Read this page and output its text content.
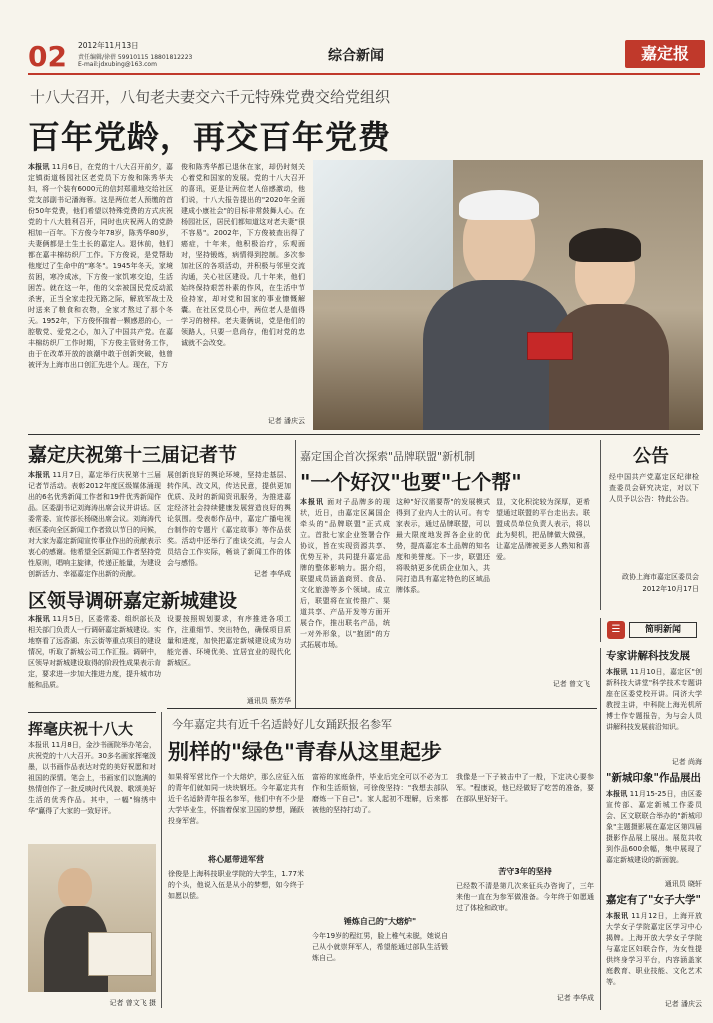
02 2012年11月13日
责任编辑/徐蓓 59910115 18801812223
E-mail:jdxubing@163.com
综合新闻	嘉定报
十八大召开，八旬老夫妻交六千元特殊党费交给党组织
百年党龄，再交百年党费
本报讯 11月6日，在党的十八大召开前夕，嘉定镇街道杨园社区老党员下方俊和陈秀华夫妇，将一个装有6000元的信封郑重地交给社区党支部副书记潘海蓉。这是两位老人预缴的首份50年党费，他们希望以特殊党费的方式庆祝党的十八大胜利召开，同时也庆祝两人的党龄相加一百年。下方俊今年78岁，陈秀华80岁，夫妻俩都是土生土长的嘉定人。退休前，他们都在嘉丰棉纺织厂工作。下方俊说，是党帮助他度过了生命中的"寒冬"。1945年冬天，家境贫困，寒冷成冰，下方俊一家饥寒交迫，生活困苦。就在这一年，他的父亲被国民党反动派杀害，正当全家走投无路之际，解放军战士及时送来了粮食和衣物，全家才熬过了那个冬天。1952年，下方俊怀揣着一颗感恩的心，一腔敬党、爱党之心，加入了中国共产党。在嘉丰棉纺织厂工作时期，下方俊主管财务工作，由于在改革开放的浪潮中敢于创新突破，他曾被评为上海市出口创汇先进个人。现在，下方
俊和陈秀华都已退休在家，却仍时刻关心着党和国家的发展。党的十八大召开的喜讯，更是让两位老人倍感激动，他们说，十八大报告提出的"2020年全面建成小康社会"的目标非常鼓舞人心。在杨园社区，居民们都知道这对老夫妻"很不容易"。2002年，下方俊被查出得了癌症，十年来，他积极治疗，乐观面对，坚持锻炼，病情得到控制。多次参加社区的各项活动，并积极与邻里交流沟通，关心社区建设。几十年来，他们始终保持艰苦朴素的作风，在生活中节俭持家，却对党和国家的事业慷慨解囊。在社区党员心中，两位老人是值得学习的榜样。老夫妻俩说，党是他们的领路人，只要一息尚存，他们对党的忠诚就不会改变。
记者 潘庆云
嘉定庆祝第十三届记者节
本报讯 11月7日，嘉定举行庆祝第十三届记者节活动。表彰2012年度区级媒体涌现出的6名优秀新闻工作者和19件优秀新闻作品。区委副书记刘海涛出席会议并讲话。区委常委、宣传部长杨晓出席会议。刘海涛代表区委向全区新闻工作者致以节日的问候，对大家为嘉定新闻宣传事业作出的贡献表示衷心的感谢。他希望全区新闻工作者坚持党性原则，唱响主旋律，传递正能量，为建设创新活力、幸福嘉定作出新的贡献。
展创新良好的舆论环境，坚持走基层、转作风、改文风，传达民意，提供更加优质、及时的新闻资讯服务，为推进嘉定经济社会持续健康发展营造良好的舆论氛围。受表彰作品中，嘉定广播电视台制作的专题片《嘉定故事》等作品获奖。活动中还举行了座谈交流，与会人员结合工作实际，畅谈了新闻工作的体会与感悟。
记者 李华成
区领导调研嘉定新城建设
本报讯 11月5日，区委常委、组织部长及相关部门负责人一行调研嘉定新城建设。实地察看了远香湖、东云街等重点项目的建设情况，听取了新城公司工作汇报。调研中，区领导对新城建设取得的阶段性成果表示肯定，要求进一步加大推进力度，提升城市功能和品质。
设要按照规划要求，有序推进各项工作，注重细节、突出特色，确保项目质量和进度，加快把嘉定新城建设成为功能完善、环境优美、宜居宜业的现代化新城区。
通讯员 蔡芳华
挥毫庆祝十八大
本报讯 11月8日，金沙书画院举办笔会，庆祝党的十八大召开。30多名画家挥毫泼墨，以书画作品表达对党的美好祝愿和对祖国的深情。笔会上，书画家们以饱满的热情创作了一批反映时代风貌、歌颂美好生活的优秀作品。其中，一幅"锦绣中华"赢得了大家的一致好评。
记者 曾文飞 摄
嘉定国企首次探索"品牌联盟"新机制
"一个好汉"也要"七个帮"
本报讯 面对子品牌多的现状，近日，由嘉定区属国企牵头的"品牌联盟"正式成立。首批七家企业签署合作协议，旨在实现资源共享、优势互补，共同提升嘉定品牌的整体影响力。据介绍，联盟成员涵盖商贸、食品、文化旅游等多个领域。成立后，联盟将在宣传推广、渠道共享、产品开发等方面开展合作，推出联名产品，统一对外形象，以"抱团"的方式拓展市场。
这种"好汉需要帮"的发展模式得到了业内人士的认可。有专家表示，通过品牌联盟，可以最大限度地发挥各企业的优势，提高嘉定本土品牌的知名度和美誉度。下一步，联盟还将吸纳更多优质企业加入，共同打造具有嘉定特色的区域品牌体系。
显，文化积淀较为深厚，更希望通过联盟的平台走出去。联盟成员单位负责人表示，将以此为契机，把品牌做大做强，让嘉定品牌被更多人熟知和喜爱。
记者 曾文飞
公告
经中国共产党嘉定区纪律检查委员会研究决定，对以下人员予以公告：特此公告。
政协上海市嘉定区委员会
2012年10月17日
☰	简明新闻
专家讲解科技发展
本报讯 11月10日，嘉定区"创新科技大讲堂"科学技术专题讲座在区委党校开讲。同济大学教授主讲，中科院上海光机所博士作专题报告，为与会人员讲解科技发展前沿知识。
记者 尚海
"新城印象"作品展出
本报讯 11月15-25日，由区委宣传部、嘉定新城工作委员会、区文联联合举办的"新城印象"主题摄影展在嘉定区第四届摄影作品展上展出。展览共收到作品600余幅，集中展现了嘉定新城建设的新面貌。
通讯员 晓轩
嘉定有了"女子大学"
本报讯 11月12日，上海开放大学女子学院嘉定区学习中心揭牌。上海开放大学女子学院与嘉定区妇联合作，为女性提供终身学习平台，内容涵盖家庭教育、职业技能、文化艺术等。
记者 潘庆云
今年嘉定共有近千名适龄好儿女踊跃报名参军
别样的"绿色"青春从这里起步
如果将军营比作一个大熔炉，那么应征入伍的青年们就如同一块块钢坯。今年嘉定共有近千名适龄青年报名参军，他们中有不少是大学毕业生，怀揣着保家卫国的梦想，踊跃投身军营。
将心愿带进军营
徐俊是上海科技职业学院的大学生，1.77米的个头，他说入伍是从小的梦想，如今终于如愿以偿。
富裕的家庭条件，毕业后完全可以不必为工作和生活烦恼，可徐俊坚持："我想去部队磨炼一下自己"。家人起初不理解，后来都被他的坚持打动了。
锤炼自己的"大熔炉"
今年19岁的程红男，脸上稚气未脱，她说自己从小就崇拜军人，希望能通过部队生活锻炼自己。
我像是一下子被击中了一般，下定决心要参军。"程康说，他已经做好了吃苦的准备，要在部队里好好干。
苦守3年的坚持
已经数不清是第几次来征兵办咨询了，三年来他一直在为参军做准备。今年终于如愿通过了体检和政审。
记者 李华成
